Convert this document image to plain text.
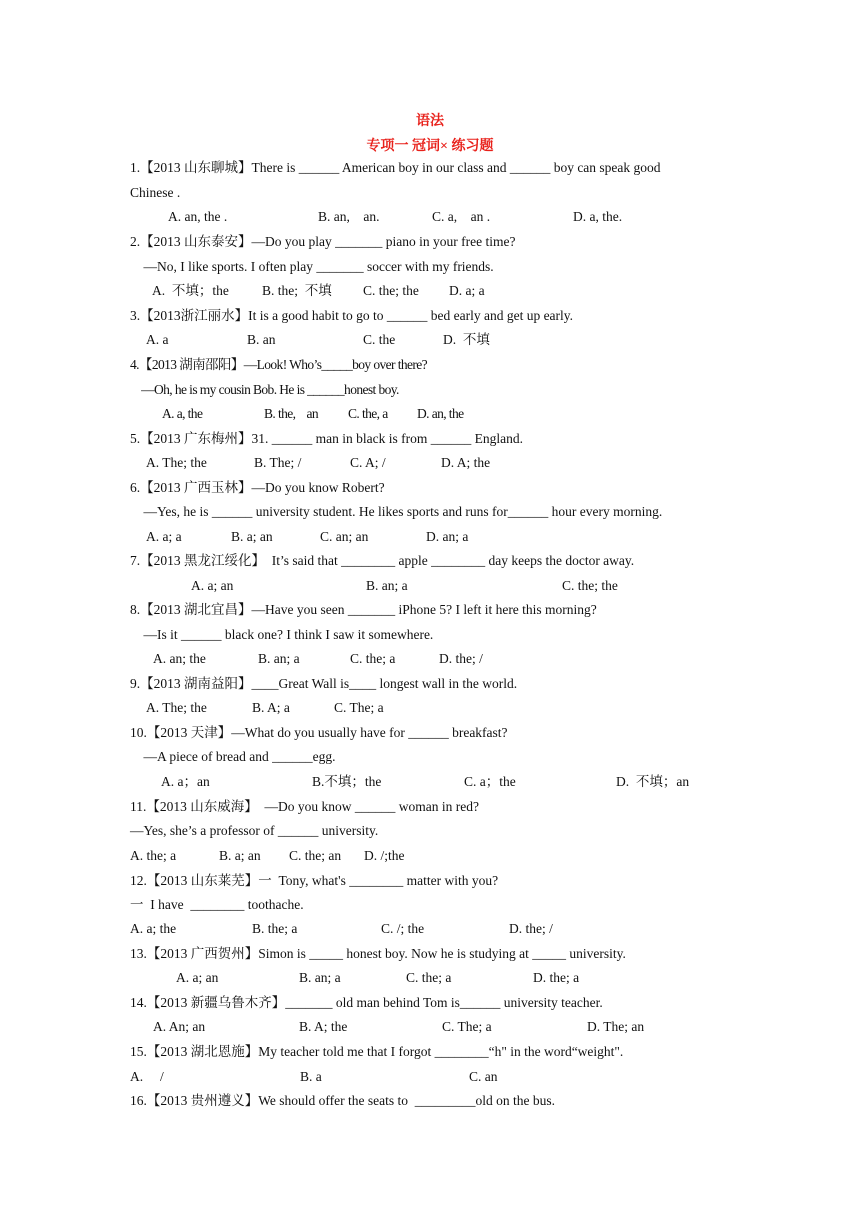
语法
专项一 冠词× 练习题
1.【2013 山东聊城】There is ______ American boy in our class and ______ boy can speak good
Chinese .
A. an, the .	B. an,    an.	C. a,    an .	D. a, the.
2.【2013 山东泰安】—Do you play _______ piano in your free time?
—No, I like sports. I often play _______ soccer with my friends.
A.  不填；the B. the;  不填 C. the; the D. a; a
3.【2013浙江丽水】It is a good habit to go to ______ bed early and get up early.
A. a	B. an	C. the	D.  不填
4.【2013 湖南邵阳】—Look! Who’s_____boy over there?
—Oh, he is my cousin Bob. He is ______honest boy.
A. a, the	B. the,    an C. the, a D. an, the
5.【2013 广东梅州】31. ______ man in black is from ______ England.
A. The; the	B. The; /	C. A; /	D. A; the
6.【2013 广西玉林】—Do you know Robert?
—Yes, he is ______ university student. He likes sports and runs for______ hour every morning.
A. a; a	B. a; an	C. an; an	D. an; a
7.【2013 黑龙江绥化】  It’s said that ________ apple ________ day keeps the doctor away.
A. a; an	B. an; a	C. the; the
8.【2013 湖北宜昌】—Have you seen _______ iPhone 5? I left it here this morning?
—Is it ______ black one? I think I saw it somewhere.
A. an; the	B. an; a	C. the; a	D. the; /
9.【2013 湖南益阳】____Great Wall is____ longest wall in the world.
A. The; the	B. A; a	C. The; a
10.【2013 天津】—What do you usually have for ______ breakfast?
—A piece of bread and ______egg.
A. a；an	B.不填；the	C. a；the	D.  不填；an
11.【2013 山东威海】  —Do you know ______ woman in red?
—Yes, she’s a professor of ______ university.
A. the; a	B. a; an C. the; an D. /;the
12.【2013 山东莱芜】一  Tony, what's ________ matter with you?
一  I have  ________ toothache.
A. a; the	B. the; a	C. /; the	D. the; /
13.【2013 广西贺州】Simon is _____ honest boy. Now he is studying at _____ university.
A. a; an	B. an; a	C. the; a	D. the; a
14.【2013 新疆乌鲁木齐】_______ old man behind Tom is______ university teacher.
A. An; an	B. A; the	C. The; a	D. The; an
15.【2013 湖北恩施】My teacher told me that I forgot ________“h" in the word“weight".
A.     /	B. a	C. an
16.【2013 贵州遵义】We should offer the seats to  _________old on the bus.
